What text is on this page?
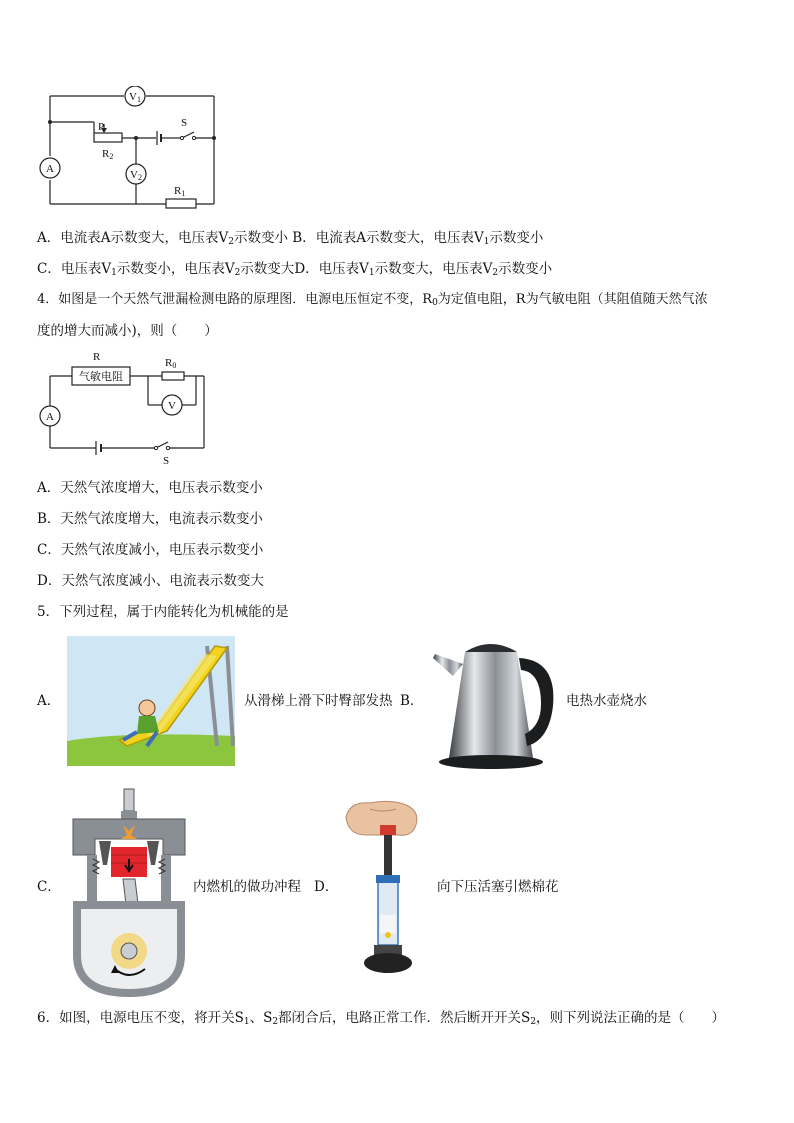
V1
P
R2
S
A	V2
R1
A．电流表A示数变大，电压表$V_2$示数变小 B．电流表A示数变大，电压表$V_1$示数变小
C．电压表$V_1$示数变小，电压表$V_2$示数变大D．电压表$V_1$示数变大，电压表$V_2$示数变小
4．如图是一个天然气泄漏检测电路的原理图．电源电压恒定不变，$R_0$为定值电阻，R为气敏电阻（其阻值随天然气浓
度的增大而减小)，则（　　）
R
气敏电阻
R0
V
A
S
A．天然气浓度增大，电压表示数变小
B．天然气浓度增大，电流表示数变小
C．天然气浓度减小，电压表示数变小
D．天然气浓度减小、电流表示数变大
5．下列过程，属于内能转化为机械能的是
A．	从滑梯上滑下时臀部发热 B．	电热水壶烧水
C．	内燃机的做功冲程 D．	向下压活塞引燃棉花
6．如图，电源电压不变，将开关$S_1$、$S_2$都闭合后，电路正常工作．然后断开开关$S_2$，则下列说法正确的是（　　）
